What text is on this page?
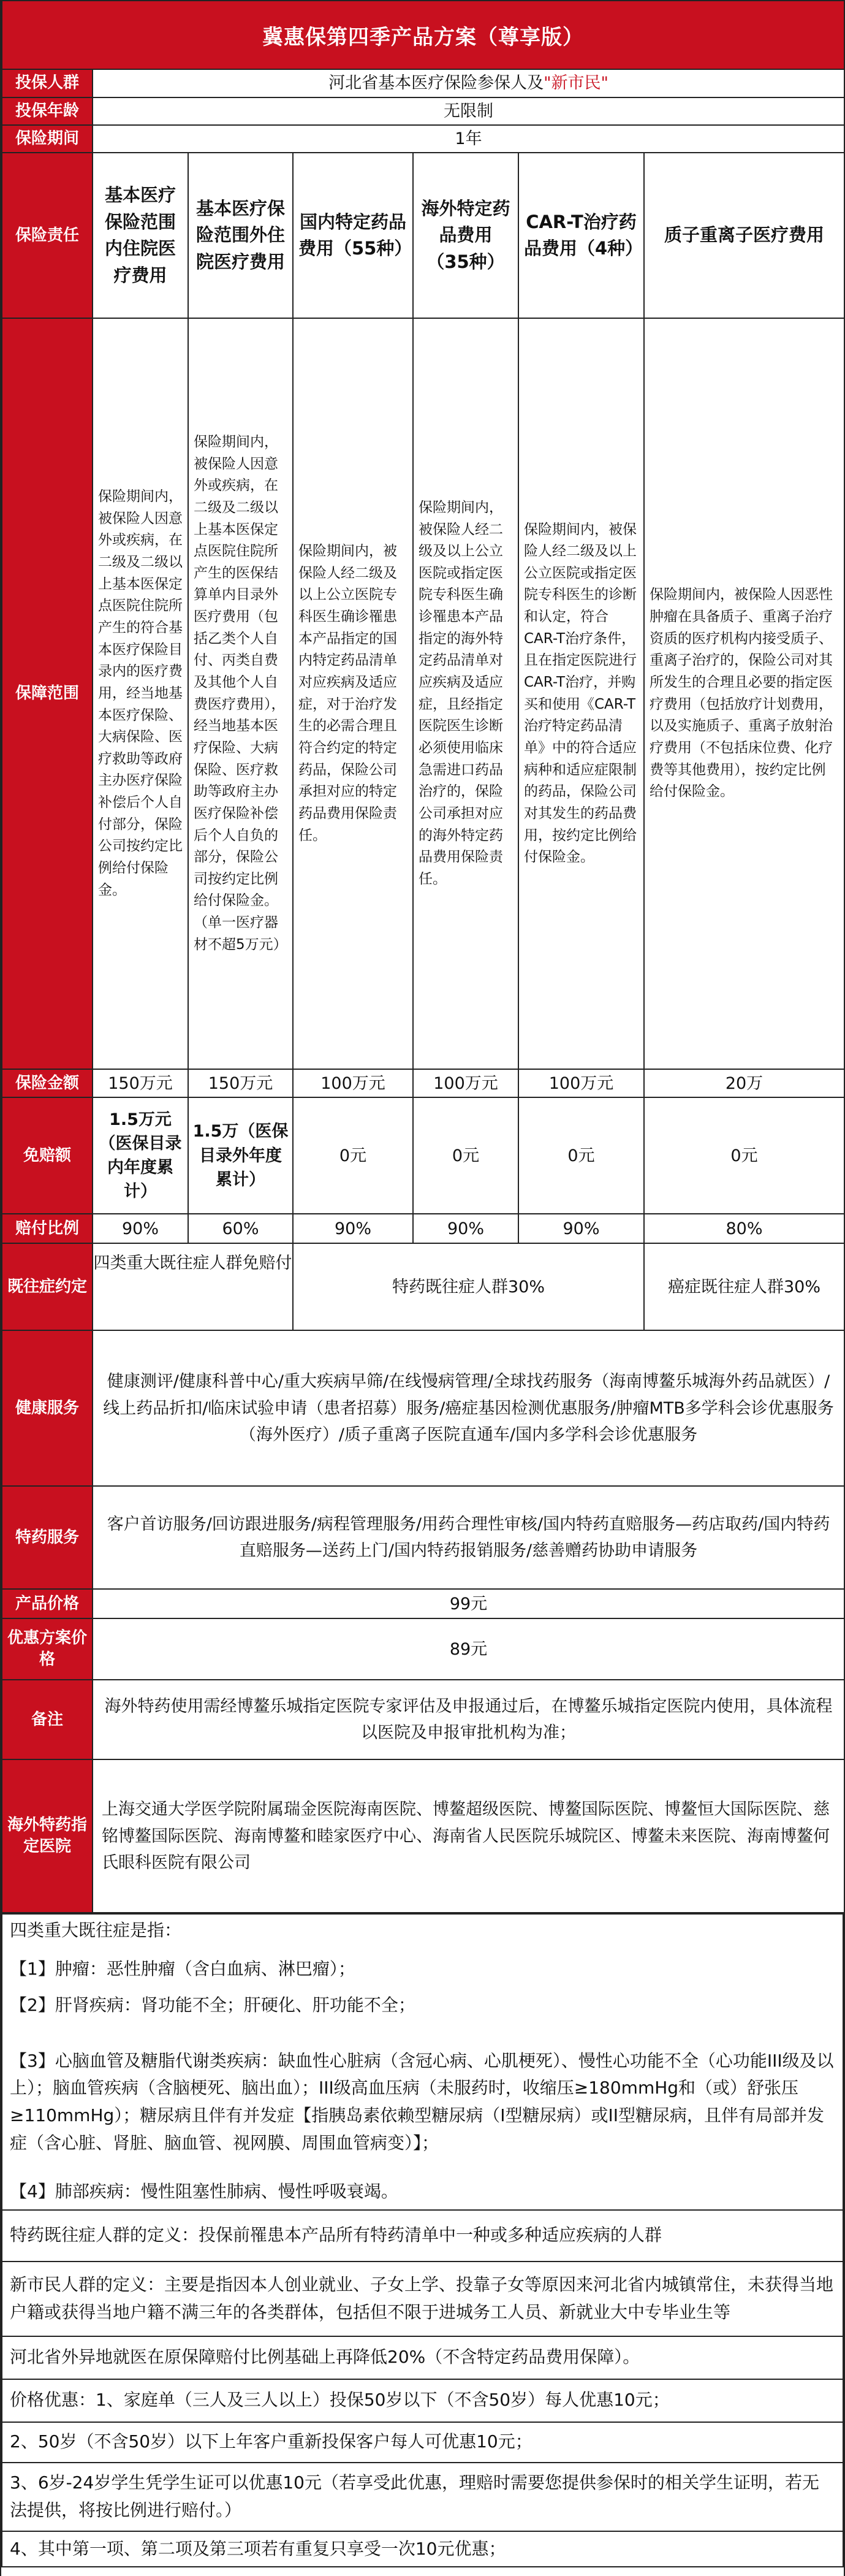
冀惠保第四季产品方案（尊享版）						
投保人群	河北省基本医疗保险参保人及"新市民"					
投保年龄	无限制					
保险期间	1年					
保险责任	基本医疗保险范围内住院医疗费用	基本医疗保险范围外住院医疗费用	国内特定药品费用（55种）	海外特定药品费用（35种）	CAR-T治疗药品费用（4种）	质子重离子医疗费用
保障范围	保险期间内，被保险人因意外或疾病，在二级及二级以上基本医保定点医院住院所产生的符合基本医疗保险目录内的医疗费用，经当地基本医疗保险、大病保险、医疗救助等政府主办医疗保险补偿后个人自付部分，保险公司按约定比例给付保险金。	保险期间内，被保险人因意外或疾病，在二级及二级以上基本医保定点医院住院所产生的医保结算单内目录外医疗费用（包括乙类个人自付、丙类自费及其他个人自费医疗费用），经当地基本医疗保险、大病保险、医疗救助等政府主办医疗保险补偿后个人自负的部分，保险公司按约定比例给付保险金。（单一医疗器材不超5万元）	保险期间内，被保险人经二级及以上公立医院专科医生确诊罹患本产品指定的国内特定药品清单对应疾病及适应症，对于治疗发生的必需合理且符合约定的特定药品，保险公司承担对应的特定药品费用保险责任。	保险期间内，被保险人经二级及以上公立医院或指定医院专科医生确诊罹患本产品指定的海外特定药品清单对应疾病及适应症，且经指定医院医生诊断必须使用临床急需进口药品治疗的，保险公司承担对应的海外特定药品费用保险责任。	保险期间内，被保险人经二级及以上公立医院或指定医院专科医生的诊断和认定，符合CAR-T治疗条件，且在指定医院进行CAR-T治疗，并购买和使用《CAR-T治疗特定药品清单》中的符合适应病种和适应症限制的药品，保险公司对其发生的药品费用，按约定比例给付保险金。	保险期间内，被保险人因恶性肿瘤在具备质子、重离子治疗资质的医疗机构内接受质子、重离子治疗的，保险公司对其所发生的合理且必要的指定医疗费用（包括放疗计划费用，以及实施质子、重离子放射治疗费用（不包括床位费、化疗费等其他费用），按约定比例给付保险金。
保险金额	150万元	150万元	100万元	100万元	100万元	20万
免赔额	1.5万元（医保目录内年度累计）	1.5万（医保目录外年度累计）	0元	0元	0元	0元
赔付比例	90%	60%	90%	90%	90%	80%
既往症约定	四类重大既往症人群免赔付		特药既往症人群30%			癌症既往症人群30%
健康服务	健康测评/健康科普中心/重大疾病早筛/在线慢病管理/全球找药服务（海南博鳌乐城海外药品就医）/线上药品折扣/临床试验申请（患者招募）服务/癌症基因检测优惠服务/肿瘤MTB多学科会诊优惠服务（海外医疗）/质子重离子医院直通车/国内多学科会诊优惠服务					
特药服务	客户首访服务/回访跟进服务/病程管理服务/用药合理性审核/国内特药直赔服务—药店取药/国内特药直赔服务—送药上门/国内特药报销服务/慈善赠药协助申请服务					
产品价格	99元					
优惠方案价格	89元					
备注	海外特药使用需经博鳌乐城指定医院专家评估及申报通过后，在博鳌乐城指定医院内使用，具体流程以医院及申报审批机构为准；					
海外特药指定医院	上海交通大学医学院附属瑞金医院海南医院、博鳌超级医院、博鳌国际医院、博鳌恒大国际医院、慈铭博鳌国际医院、海南博鳌和睦家医疗中心、海南省人民医院乐城院区、博鳌未来医院、海南博鳌何氏眼科医院有限公司					
四类重大既往症是指：
【1】肿瘤：恶性肿瘤（含白血病、淋巴瘤）；
【2】肝肾疾病：肾功能不全；肝硬化、肝功能不全；
【3】心脑血管及糖脂代谢类疾病：缺血性心脏病（含冠心病、心肌梗死）、慢性心功能不全（心功能III级及以上）；脑血管疾病（含脑梗死、脑出血）；III级高血压病（未服药时，收缩压≥180mmHg和（或）舒张压≥110mmHg）；糖尿病且伴有并发症【指胰岛素依赖型糖尿病（I型糖尿病）或II型糖尿病，且伴有局部并发症（含心脏、肾脏、脑血管、视网膜、周围血管病变）】；
【4】肺部疾病：慢性阻塞性肺病、慢性呼吸衰竭。

特药既往症人群的定义：投保前罹患本产品所有特药清单中一种或多种适应疾病的人群
新市民人群的定义：主要是指因本人创业就业、子女上学、投靠子女等原因来河北省内城镇常住，未获得当地户籍或获得当地户籍不满三年的各类群体，包括但不限于进城务工人员、新就业大中专毕业生等
河北省外异地就医在原保障赔付比例基础上再降低20%（不含特定药品费用保障）。
价格优惠：1、家庭单（三人及三人以上）投保50岁以下（不含50岁）每人优惠10元；
2、50岁（不含50岁）以下上年客户重新投保客户每人可优惠10元；
3、6岁-24岁学生凭学生证可以优惠10元（若享受此优惠，理赔时需要您提供参保时的相关学生证明，若无法提供，将按比例进行赔付。）
4、其中第一项、第二项及第三项若有重复只享受一次10元优惠；
